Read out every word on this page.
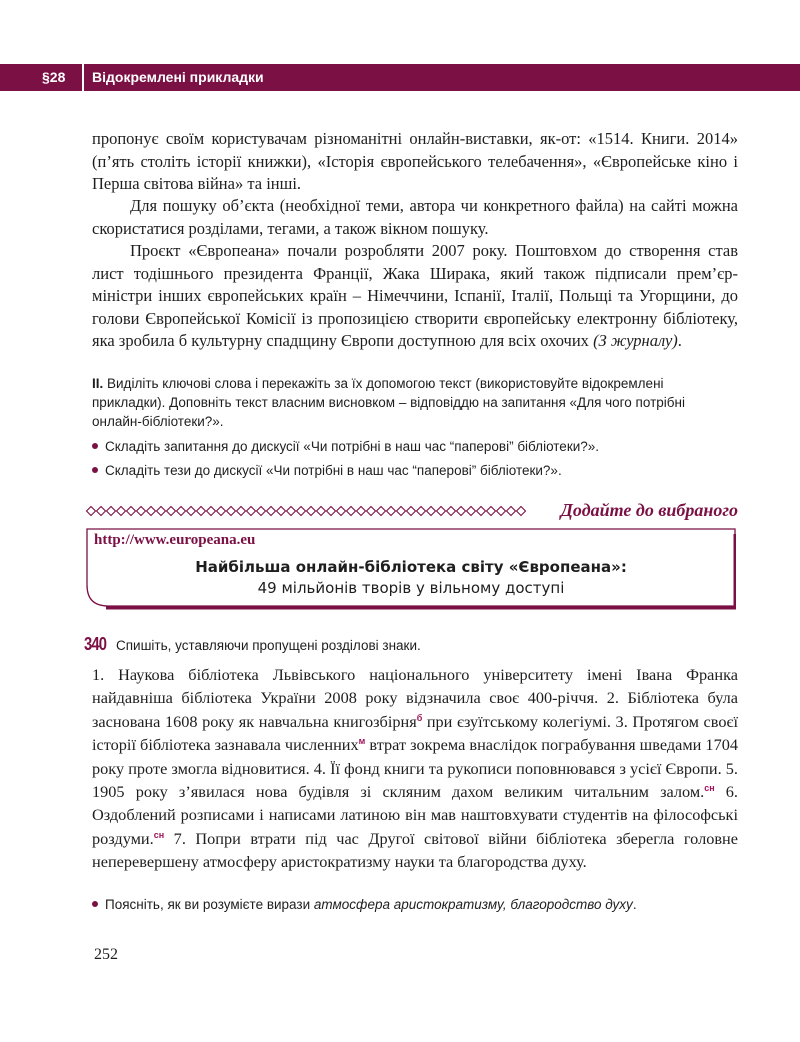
§28 Відокремлені прикладки

пропонує своїм користувачам різноманітні онлайн-виставки, як-от: «1514. Книги. 2014» (п’ять століть історії книжки), «Історія європейського телебачення», «Європейське кіно і Перша світова війна» та інші.

Для пошуку об’єкта (необхідної теми, автора чи конкретного файла) на сайті можна скористатися розділами, тегами, а також вікном пошуку.

Проєкт «Європеана» почали розробляти 2007 року. Поштовхом до створення став лист тодішнього президента Франції, Жака Ширака, який також підписали прем’єр-міністри інших європейських країн – Німеччини, Іспанії, Італії, Польщі та Угорщини, до голови Європейської Комісії із пропозицією створити європейську електронну бібліотеку, яка зробила б культурну спадщину Європи доступною для всіх охочих (З журналу).

ІІ. Виділіть ключові слова і перекажіть за їх допомогою текст (використовуйте відокремлені прикладки). Доповніть текст власним висновком – відповіддю на запитання «Для чого потрібні онлайн-бібліотеки?».

Складіть запитання до дискусії «Чи потрібні в наш час “паперові” бібліотеки?».
Складіть тези до дискусії «Чи потрібні в наш час “паперові” бібліотеки?».
Додайте до вибраного
http://www.europeana.eu
Найбільша онлайн-бібліотека світу «Європеана»:
49 мільйонів творів у вільному доступі
340 Спишіть, уставляючи пропущені розділові знаки.

1. Наукова бібліотека Львівського національного університету імені Івана Франка найдавніша бібліотека України 2008 року відзначила своє 400-річчя. 2. Бібліотека була заснована 1608 року як навчальна книгозбірня$^б$ при єзуїтському колегіумі. 3. Протягом своєї історії бібліотека зазнавала численних$^м$ втрат зокрема внаслідок пограбування шведами 1704 року проте змогла відновитися. 4. Її фонд книги та рукописи поповнювався з усієї Європи. 5. 1905 року з’явилася нова будівля зі скляним дахом великим читальним залом.$^{сн}$ 6. Оздоблений розписами і написами латиною він мав наштовхувати студентів на філософські роздуми.$^{сн}$ 7. Попри втрати під час Другої світової війни бібліотека зберегла головне неперевершену атмосферу аристократизму науки та благородства духу.

Поясніть, як ви розумієте вирази атмосфера аристократизму, благородство духу.
252
